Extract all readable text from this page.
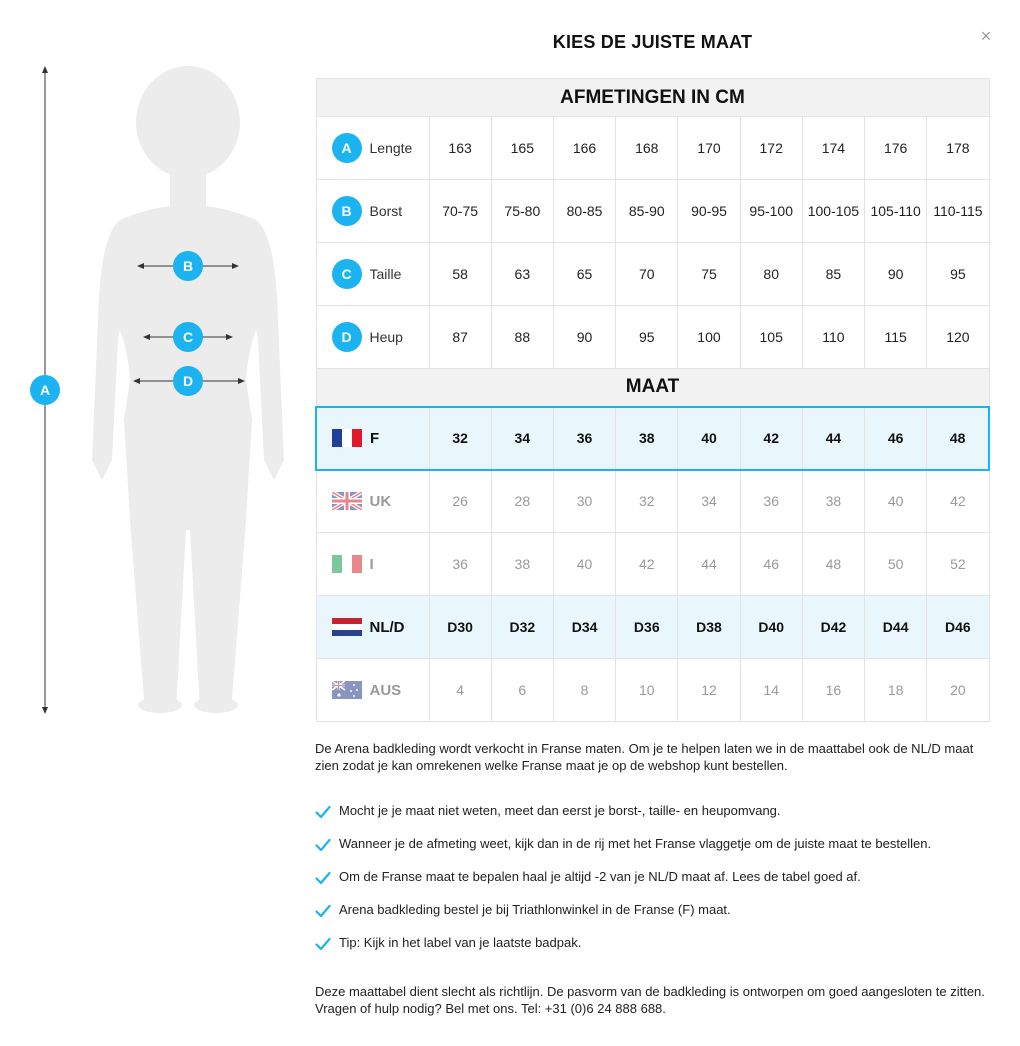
×
KIES DE JUISTE MAAT
A
B
C
D
AFMETINGEN IN CM									
A Lengte	163	165	166	168	170	172	174	176	178
B Borst	70-75	75-80	80-85	85-90	90-95	95-100	100-105	105-110	110-115
C Taille	58	63	65	70	75	80	85	90	95
D Heup	87	88	90	95	100	105	110	115	120
MAAT									

F	32	34	36	38	40	42	44	46	48

UK	26	28	30	32	34	36	38	40	42

I	36	38	40	42	44	46	48	50	52

NL/D	D30	D32	D34	D36	D38	D40	D42	D44	D46

AUS	4	6	8	10	12	14	16	18	20
De Arena badkleding wordt verkocht in Franse maten. Om je te helpen laten we in de maattabel ook de NL/D maat zien zodat je kan omrekenen welke Franse maat je op de webshop kunt bestellen.
Mocht je je maat niet weten, meet dan eerst je borst-, taille- en heupomvang.
Wanneer je de afmeting weet, kijk dan in de rij met het Franse vlaggetje om de juiste maat te bestellen.
Om de Franse maat te bepalen haal je altijd -2 van je NL/D maat af. Lees de tabel goed af.
Arena badkleding bestel je bij Triathlonwinkel in de Franse (F) maat.
Tip: Kijk in het label van je laatste badpak.
Deze maattabel dient slecht als richtlijn. De pasvorm van de badkleding is ontworpen om goed aangesloten te zitten. Vragen of hulp nodig? Bel met ons. Tel: +31 (0)6 24 888 688.
